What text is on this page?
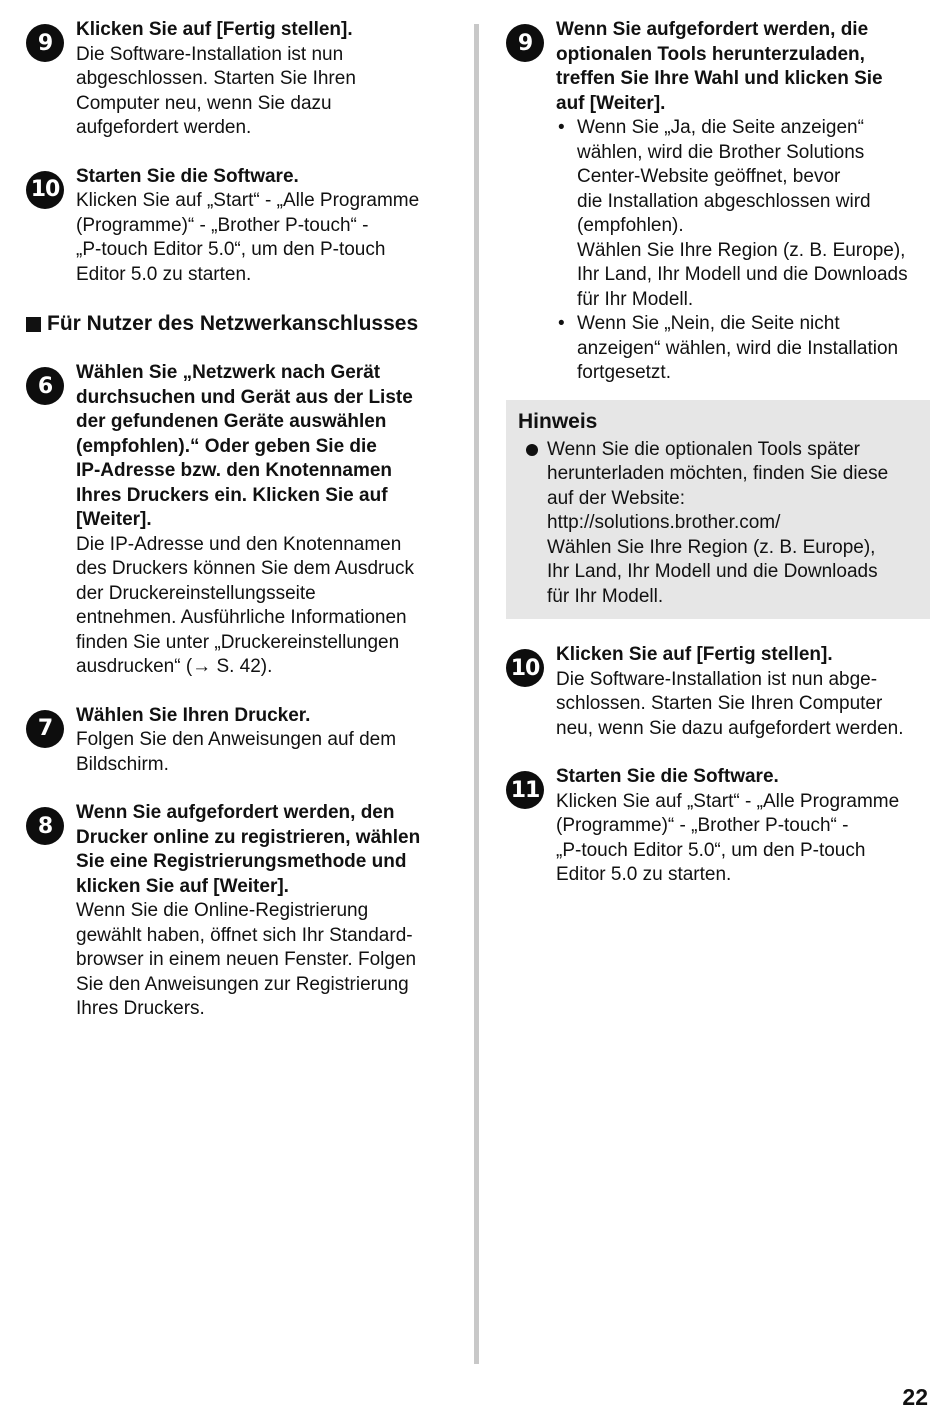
9

Klicken Sie auf [Fertig stellen].

Die Software-Installation ist nun
abgeschlossen. Starten Sie Ihren
Computer neu, wenn Sie dazu
aufgefordert werden.

10

Starten Sie die Software.

Klicken Sie auf „Start“ - „Alle Programme
(Programme)“ - „Brother P-touch“ -
„P-touch Editor 5.0“, um den P-touch
Editor 5.0 zu starten.

Für Nutzer des Netzwerkanschlusses

6

Wählen Sie „Netzwerk nach Gerät
durchsuchen und Gerät aus der Liste
der gefundenen Geräte auswählen
(empfohlen).“ Oder geben Sie die
IP-Adresse bzw. den Knotennamen
Ihres Druckers ein. Klicken Sie auf
[Weiter].

Die IP-Adresse und den Knotennamen
des Druckers können Sie dem Ausdruck
der Druckereinstellungsseite
entnehmen. Ausführliche Informationen
finden Sie unter „Druckereinstellungen
ausdrucken“ (→ S. 42).

7

Wählen Sie Ihren Drucker.

Folgen Sie den Anweisungen auf dem
Bildschirm.

8

Wenn Sie aufgefordert werden, den
Drucker online zu registrieren, wählen
Sie eine Registrierungsmethode und
klicken Sie auf [Weiter].

Wenn Sie die Online-Registrierung
gewählt haben, öffnet sich Ihr Standard-
browser in einem neuen Fenster. Folgen
Sie den Anweisungen zur Registrierung
Ihres Druckers.

9

Wenn Sie aufgefordert werden, die
optionalen Tools herunterzuladen,
treffen Sie Ihre Wahl und klicken Sie
auf [Weiter].

• Wenn Sie „Ja, die Seite anzeigen“
wählen, wird die Brother Solutions
Center-Website geöffnet, bevor
die Installation abgeschlossen wird
(empfohlen).
Wählen Sie Ihre Region (z. B. Europe),
Ihr Land, Ihr Modell und die Downloads
für Ihr Modell.
• Wenn Sie „Nein, die Seite nicht
anzeigen“ wählen, wird die Installation
fortgesetzt.

Hinweis

Wenn Sie die optionalen Tools später
herunterladen möchten, finden Sie diese
auf der Website:
http://solutions.brother.com/
Wählen Sie Ihre Region (z. B. Europe),
Ihr Land, Ihr Modell und die Downloads
für Ihr Modell.
10

Klicken Sie auf [Fertig stellen].

Die Software-Installation ist nun abge-
schlossen. Starten Sie Ihren Computer
neu, wenn Sie dazu aufgefordert werden.

11

Starten Sie die Software.

Klicken Sie auf „Start“ - „Alle Programme
(Programme)“ - „Brother P-touch“ -
„P-touch Editor 5.0“, um den P-touch
Editor 5.0 zu starten.

22
